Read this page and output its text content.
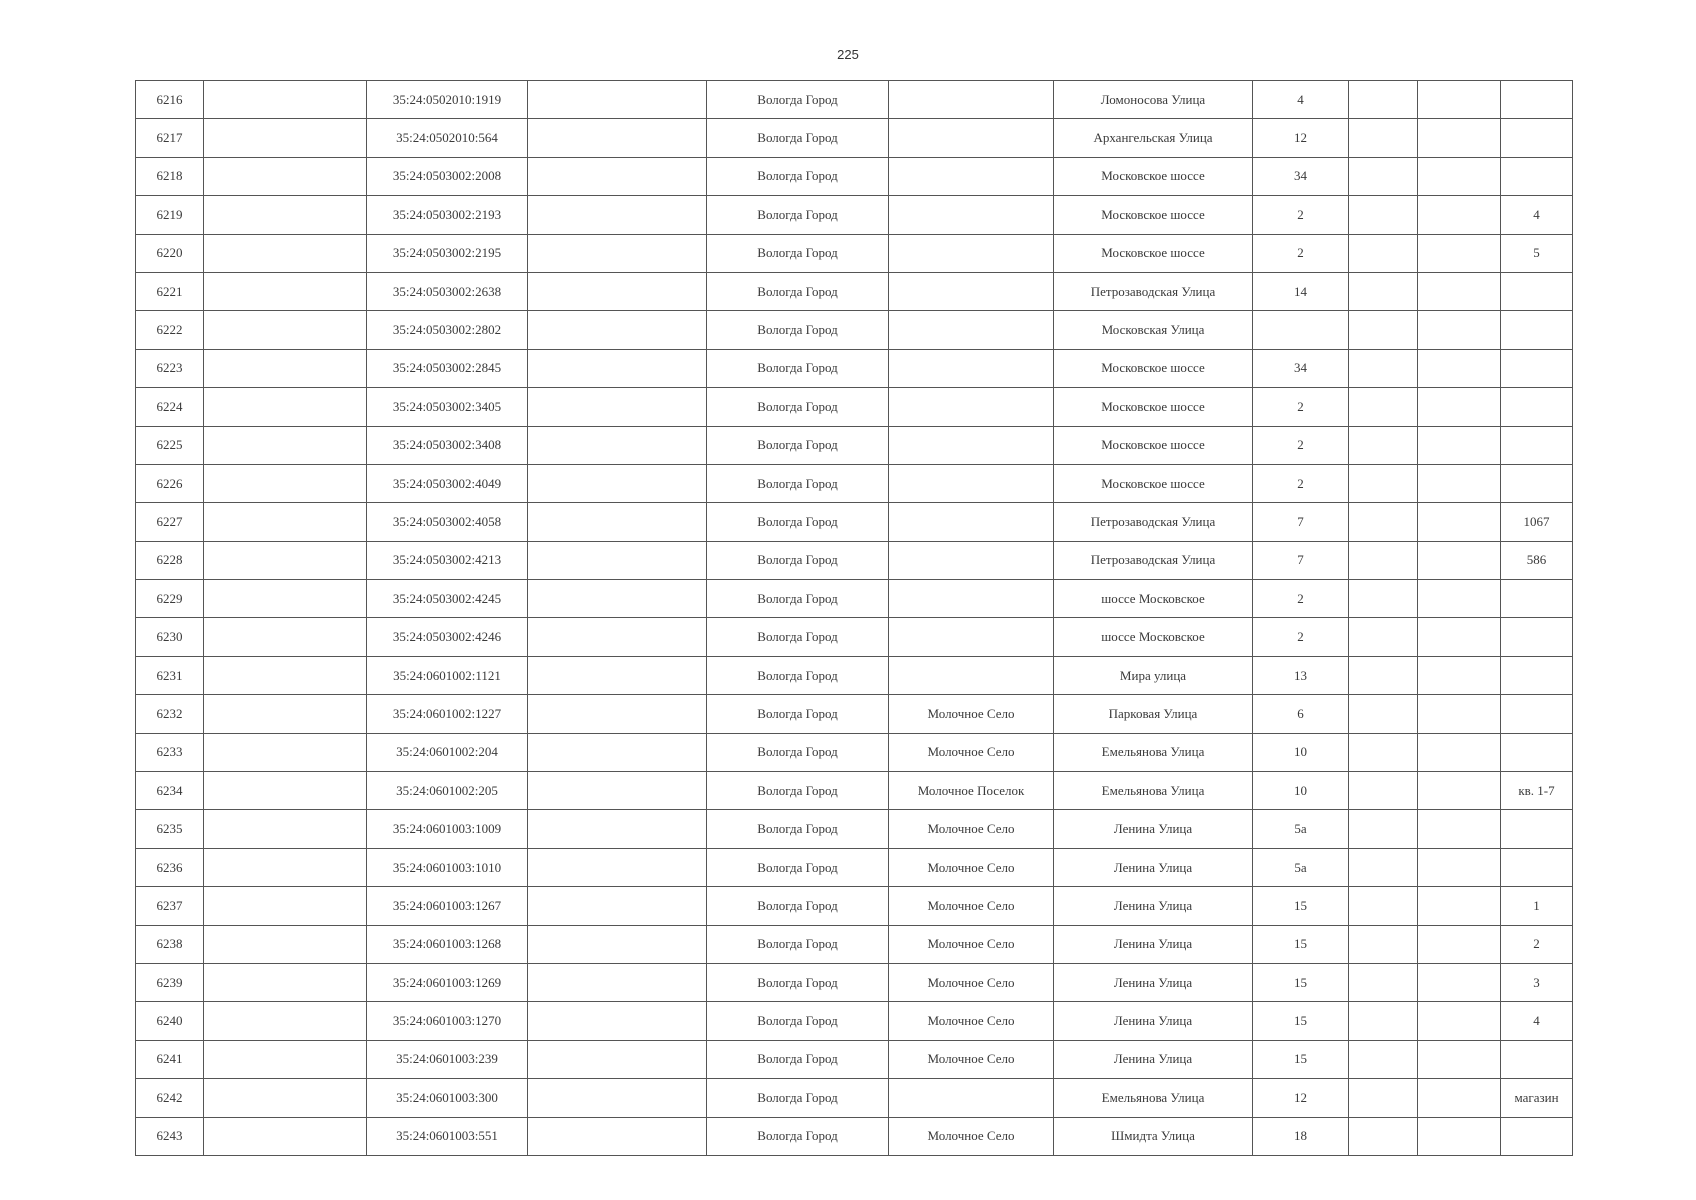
225
6216		35:24:0502010:1919		Вологда Город		Ломоносова Улица	4			
6217		35:24:0502010:564		Вологда Город		Архангельская Улица	12			
6218		35:24:0503002:2008		Вологда Город		Московское шоссе	34			
6219		35:24:0503002:2193		Вологда Город		Московское шоссе	2			4
6220		35:24:0503002:2195		Вологда Город		Московское шоссе	2			5
6221		35:24:0503002:2638		Вологда Город		Петрозаводская Улица	14			
6222		35:24:0503002:2802		Вологда Город		Московская Улица				
6223		35:24:0503002:2845		Вологда Город		Московское шоссе	34			
6224		35:24:0503002:3405		Вологда Город		Московское шоссе	2			
6225		35:24:0503002:3408		Вологда Город		Московское шоссе	2			
6226		35:24:0503002:4049		Вологда Город		Московское шоссе	2			
6227		35:24:0503002:4058		Вологда Город		Петрозаводская Улица	7			1067
6228		35:24:0503002:4213		Вологда Город		Петрозаводская Улица	7			586
6229		35:24:0503002:4245		Вологда Город		шоссе Московское	2			
6230		35:24:0503002:4246		Вологда Город		шоссе Московское	2			
6231		35:24:0601002:1121		Вологда Город		Мира улица	13			
6232		35:24:0601002:1227		Вологда Город	Молочное Село	Парковая Улица	6			
6233		35:24:0601002:204		Вологда Город	Молочное Село	Емельянова Улица	10			
6234		35:24:0601002:205		Вологда Город	Молочное Поселок	Емельянова Улица	10			кв. 1-7
6235		35:24:0601003:1009		Вологда Город	Молочное Село	Ленина Улица	5а			
6236		35:24:0601003:1010		Вологда Город	Молочное Село	Ленина Улица	5а			
6237		35:24:0601003:1267		Вологда Город	Молочное Село	Ленина Улица	15			1
6238		35:24:0601003:1268		Вологда Город	Молочное Село	Ленина Улица	15			2
6239		35:24:0601003:1269		Вологда Город	Молочное Село	Ленина Улица	15			3
6240		35:24:0601003:1270		Вологда Город	Молочное Село	Ленина Улица	15			4
6241		35:24:0601003:239		Вологда Город	Молочное Село	Ленина Улица	15			
6242		35:24:0601003:300		Вологда Город		Емельянова Улица	12			магазин
6243		35:24:0601003:551		Вологда Город	Молочное Село	Шмидта Улица	18			
